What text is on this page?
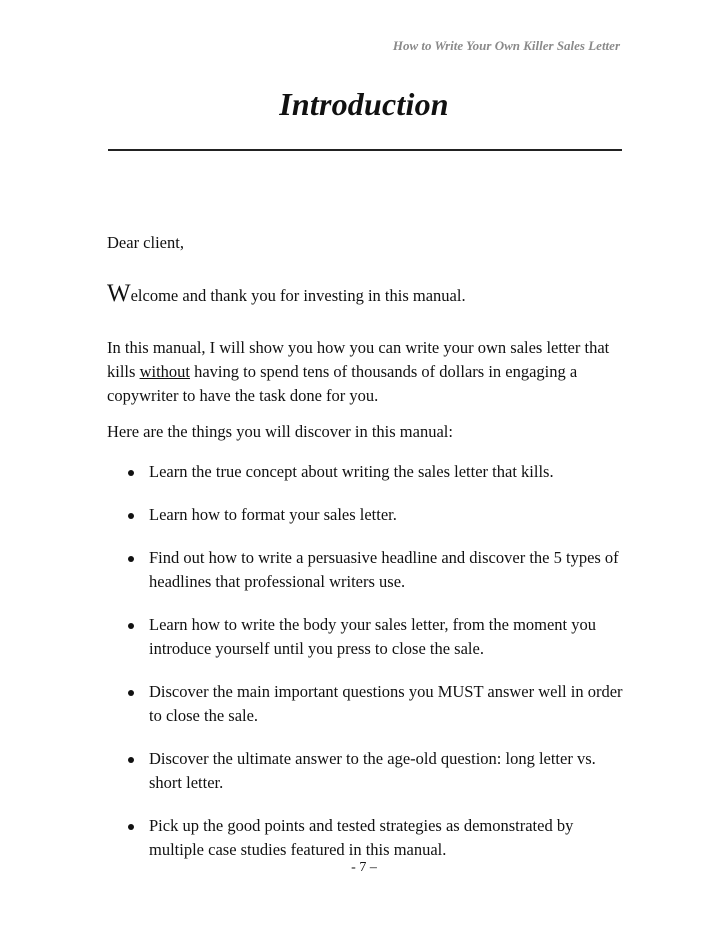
How to Write Your Own Killer Sales Letter
Introduction
Dear client,
Welcome and thank you for investing in this manual.
In this manual, I will show you how you can write your own sales letter that kills without having to spend tens of thousands of dollars in engaging a copywriter to have the task done for you.
Here are the things you will discover in this manual:
Learn the true concept about writing the sales letter that kills.
Learn how to format your sales letter.
Find out how to write a persuasive headline and discover the 5 types of headlines that professional writers use.
Learn how to write the body your sales letter, from the moment you introduce yourself until you press to close the sale.
Discover the main important questions you MUST answer well in order to close the sale.
Discover the ultimate answer to the age-old question: long letter vs. short letter.
Pick up the good points and tested strategies as demonstrated by multiple case studies featured in this manual.
- 7 –
